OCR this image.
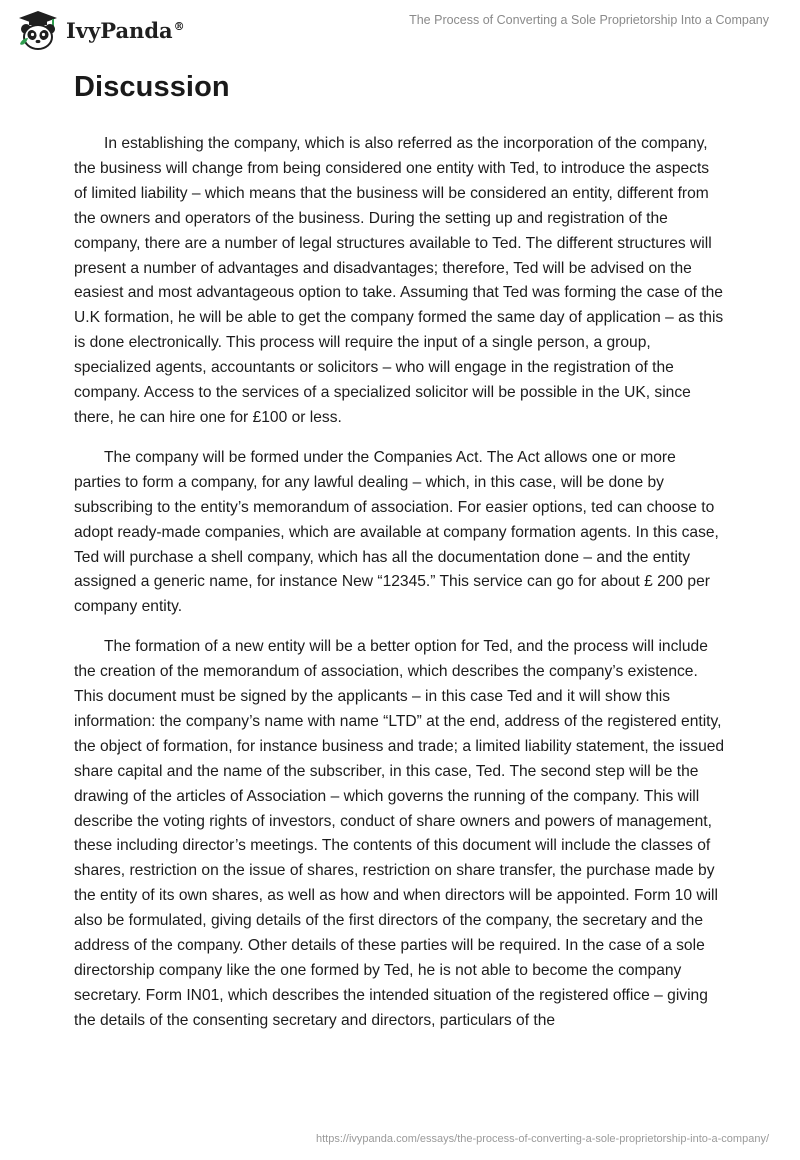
IvyPanda®	The Process of Converting a Sole Proprietorship Into a Company
Discussion

In establishing the company, which is also referred as the incorporation of the company, the business will change from being considered one entity with Ted, to introduce the aspects of limited liability – which means that the business will be considered an entity, different from the owners and operators of the business. During the setting up and registration of the company, there are a number of legal structures available to Ted. The different structures will present a number of advantages and disadvantages; therefore, Ted will be advised on the easiest and most advantageous option to take. Assuming that Ted was forming the case of the U.K formation, he will be able to get the company formed the same day of application – as this is done electronically. This process will require the input of a single person, a group, specialized agents, accountants or solicitors – who will engage in the registration of the company. Access to the services of a specialized solicitor will be possible in the UK, since there, he can hire one for £100 or less.

The company will be formed under the Companies Act. The Act allows one or more parties to form a company, for any lawful dealing – which, in this case, will be done by subscribing to the entity’s memorandum of association. For easier options, ted can choose to adopt ready-made companies, which are available at company formation agents. In this case, Ted will purchase a shell company, which has all the documentation done – and the entity assigned a generic name, for instance New “12345.” This service can go for about £ 200 per company entity.

The formation of a new entity will be a better option for Ted, and the process will include the creation of the memorandum of association, which describes the company’s existence. This document must be signed by the applicants – in this case Ted and it will show this information: the company’s name with name “LTD” at the end, address of the registered entity, the object of formation, for instance business and trade; a limited liability statement, the issued share capital and the name of the subscriber, in this case, Ted. The second step will be the drawing of the articles of Association – which governs the running of the company. This will describe the voting rights of investors, conduct of share owners and powers of management, these including director’s meetings. The contents of this document will include the classes of shares, restriction on the issue of shares, restriction on share transfer, the purchase made by the entity of its own shares, as well as how and when directors will be appointed. Form 10 will also be formulated, giving details of the first directors of the company, the secretary and the address of the company. Other details of these parties will be required. In the case of a sole directorship company like the one formed by Ted, he is not able to become the company secretary. Form IN01, which describes the intended situation of the registered office – giving the details of the consenting secretary and directors, particulars of the

https://ivypanda.com/essays/the-process-of-converting-a-sole-proprietorship-into-a-company/
